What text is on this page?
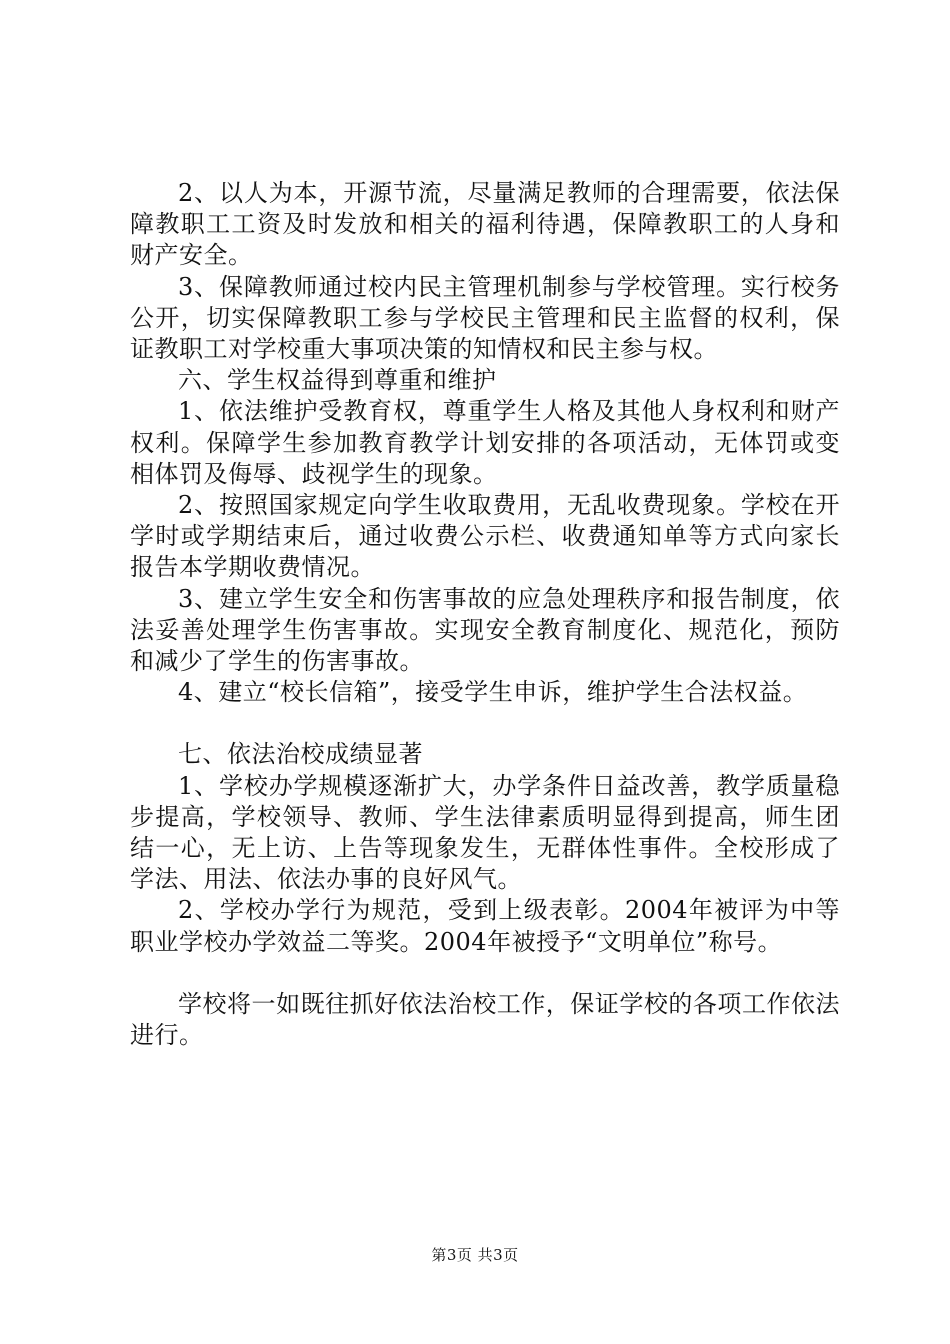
2、以人为本，开源节流，尽量满足教师的合理需要，依法保障教职工工资及时发放和相关的福利待遇，保障教职工的人身和财产安全。

3、保障教师通过校内民主管理机制参与学校管理。实行校务公开，切实保障教职工参与学校民主管理和民主监督的权利，保证教职工对学校重大事项决策的知情权和民主参与权。

六、学生权益得到尊重和维护

1、依法维护受教育权，尊重学生人格及其他人身权利和财产权利。保障学生参加教育教学计划安排的各项活动，无体罚或变相体罚及侮辱、歧视学生的现象。

2、按照国家规定向学生收取费用，无乱收费现象。学校在开学时或学期结束后，通过收费公示栏、收费通知单等方式向家长报告本学期收费情况。

3、建立学生安全和伤害事故的应急处理秩序和报告制度，依法妥善处理学生伤害事故。实现安全教育制度化、规范化，预防和减少了学生的伤害事故。

4、建立“校长信箱”，接受学生申诉，维护学生合法权益。

七、依法治校成绩显著

1、学校办学规模逐渐扩大，办学条件日益改善，教学质量稳步提高，学校领导、教师、学生法律素质明显得到提高，师生团结一心，无上访、上告等现象发生，无群体性事件。全校形成了学法、用法、依法办事的良好风气。

2、学校办学行为规范，受到上级表彰。2004年被评为中等职业学校办学效益二等奖。2004年被授予“文明单位”称号。

学校将一如既往抓好依法治校工作，保证学校的各项工作依法进行。

第3页 共3页
